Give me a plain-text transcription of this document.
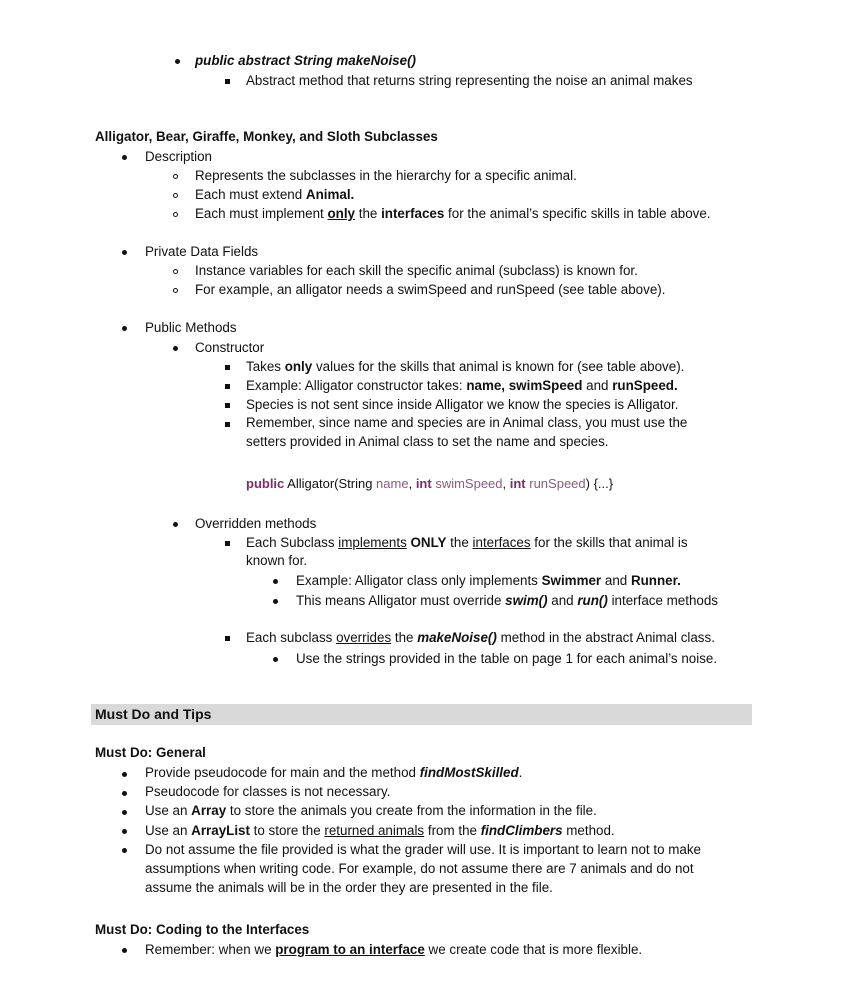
public abstract String makeNoise()
Abstract method that returns string representing the noise an animal makes
Alligator, Bear, Giraffe, Monkey, and Sloth Subclasses
Description
Represents the subclasses in the hierarchy for a specific animal.
Each must extend Animal.
Each must implement only the interfaces for the animal’s specific skills in table above.
Private Data Fields
Instance variables for each skill the specific animal (subclass) is known for.
For example, an alligator needs a swimSpeed and runSpeed (see table above).
Public Methods
Constructor
Takes only values for the skills that animal is known for (see table above).
Example: Alligator constructor takes: name, swimSpeed and runSpeed.
Species is not sent since inside Alligator we know the species is Alligator.
Remember, since name and species are in Animal class, you must use the
setters provided in Animal class to set the name and species.
public Alligator(String name, int swimSpeed, int runSpeed) {...}
Overridden methods
Each Subclass implements ONLY the interfaces for the skills that animal is
known for.
Example: Alligator class only implements Swimmer and Runner.
This means Alligator must override swim() and run() interface methods
Each subclass overrides the makeNoise() method in the abstract Animal class.
Use the strings provided in the table on page 1 for each animal’s noise.
Must Do and Tips
Must Do: General
Provide pseudocode for main and the method findMostSkilled.
Pseudocode for classes is not necessary.
Use an Array to store the animals you create from the information in the file.
Use an ArrayList to store the returned animals from the findClimbers method.
Do not assume the file provided is what the grader will use. It is important to learn not to make
assumptions when writing code. For example, do not assume there are 7 animals and do not
assume the animals will be in the order they are presented in the file.
Must Do: Coding to the Interfaces
Remember: when we program to an interface we create code that is more flexible.
